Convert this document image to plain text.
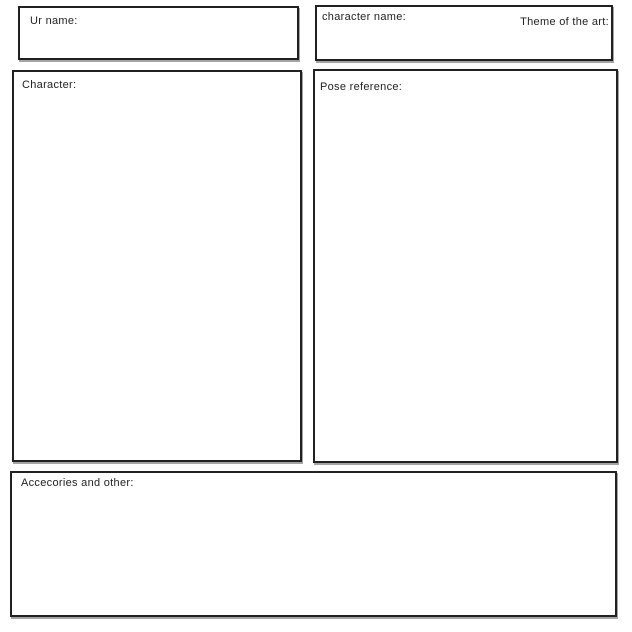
Ur name:	character name:	Theme of the art:
Character:	Pose reference:
Accecories and other:
